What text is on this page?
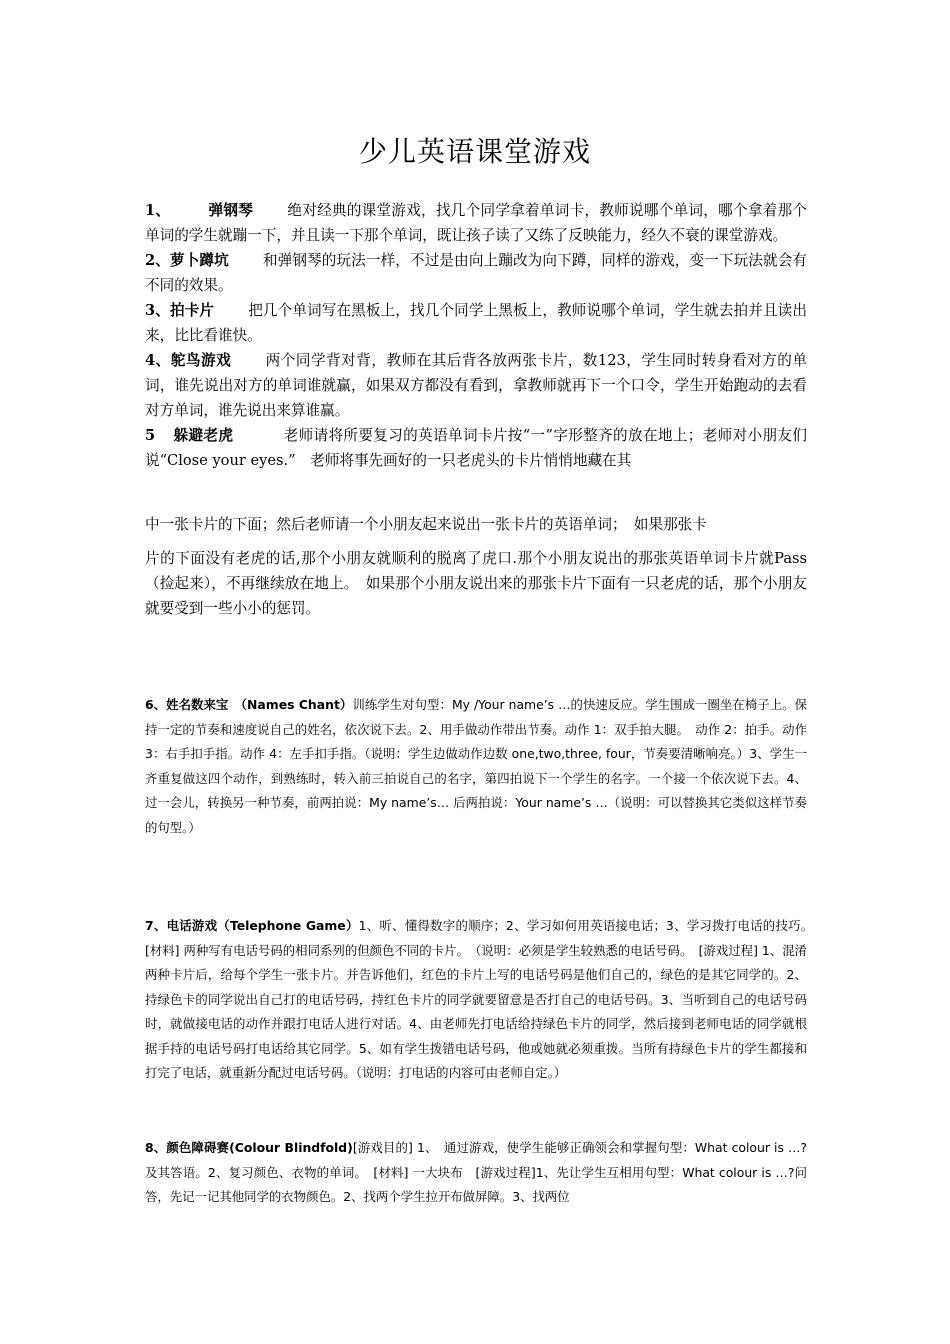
少儿英语课堂游戏

1、	弹钢琴 绝对经典的课堂游戏，找几个同学拿着单词卡，教师说哪个单词，哪个拿着那个单词的学生就蹦一下，并且读一下那个单词，既让孩子读了又练了反映能力，经久不衰的课堂游戏。

2、萝卜蹲坑 和弹钢琴的玩法一样，不过是由向上蹦改为向下蹲，同样的游戏，变一下玩法就会有不同的效果。

3、拍卡片 把几个单词写在黑板上，找几个同学上黑板上，教师说哪个单词，学生就去拍并且读出来，比比看谁快。

4、鸵鸟游戏 两个同学背对背，教师在其后背各放两张卡片，数123，学生同时转身看对方的单词，谁先说出对方的单词谁就赢，如果双方都没有看到，拿教师就再下一个口令，学生开始跑动的去看对方单词，谁先说出来算谁赢。

5 躲避老虎	老师请将所要复习的英语单词卡片按“一”字形整齐的放在地上；老师对小朋友们说“Close your eyes.”　老师将事先画好的一只老虎头的卡片悄悄地藏在其

中一张卡片的下面；然后老师请一个小朋友起来说出一张卡片的英语单词；　如果那张卡

片的下面没有老虎的话,那个小朋友就顺利的脱离了虎口.那个小朋友说出的那张英语单词卡片就Pass（捡起来），不再继续放在地上。　如果那个小朋友说出来的那张卡片下面有一只老虎的话，那个小朋友就要受到一些小小的惩罚。

6、姓名数来宝　（Names Chant）训练学生对句型：My /Your name’s …的快速反应。学生围成一圈坐在椅子上。保持一定的节奏和速度说自己的姓名，依次说下去。2、用手做动作带出节奏。动作 1：双手拍大腿。　动作 2：拍手。动作 3：右手扣手指。动作 4：左手扣手指。（说明：学生边做动作边数 one,two,three, four，节奏要清晰响亮。）3、学生一齐重复做这四个动作，到熟练时，转入前三拍说自己的名字，第四拍说下一个学生的名字。一个接一个依次说下去。4、过一会儿，转换另一种节奏，前两拍说：My name’s… 后两拍说：Your name’s …（说明：可以替换其它类似这样节奏的句型。）

7、电话游戏（Telephone Game）1、听、懂得数字的顺序；2、学习如何用英语接电话；3、学习拨打电话的技巧。　[材料] 两种写有电话号码的相同系列的但颜色不同的卡片。　（说明：必须是学生较熟悉的电话号码。　[游戏过程] 1、混淆两种卡片后，给每个学生一张卡片。并告诉他们，红色的卡片上写的电话号码是他们自己的，绿色的是其它同学的。2、持绿色卡的同学说出自己打的电话号码，持红色卡片的同学就要留意是否打自己的电话号码。3、当听到自己的电话号码时，就做接电话的动作并跟打电话人进行对话。4、由老师先打电话给持绿色卡片的同学，然后接到老师电话的同学就根据手持的电话号码打电话给其它同学。5、如有学生拨错电话号码，他或她就必须重拨。当所有持绿色卡片的学生都接和打完了电话，就重新分配过电话号码。（说明：打电话的内容可由老师自定。）

8、颜色障碍赛(Colour Blindfold)[游戏目的] 1、　通过游戏，使学生能够正确领会和掌握句型：What colour is …?及其答语。2、复习颜色、衣物的单词。　[材料] 一大块布　[游戏过程]1、先让学生互相用句型：What colour is …?问答，先记一记其他同学的衣物颜色。2、找两个学生拉开布做屏障。3、找两位
